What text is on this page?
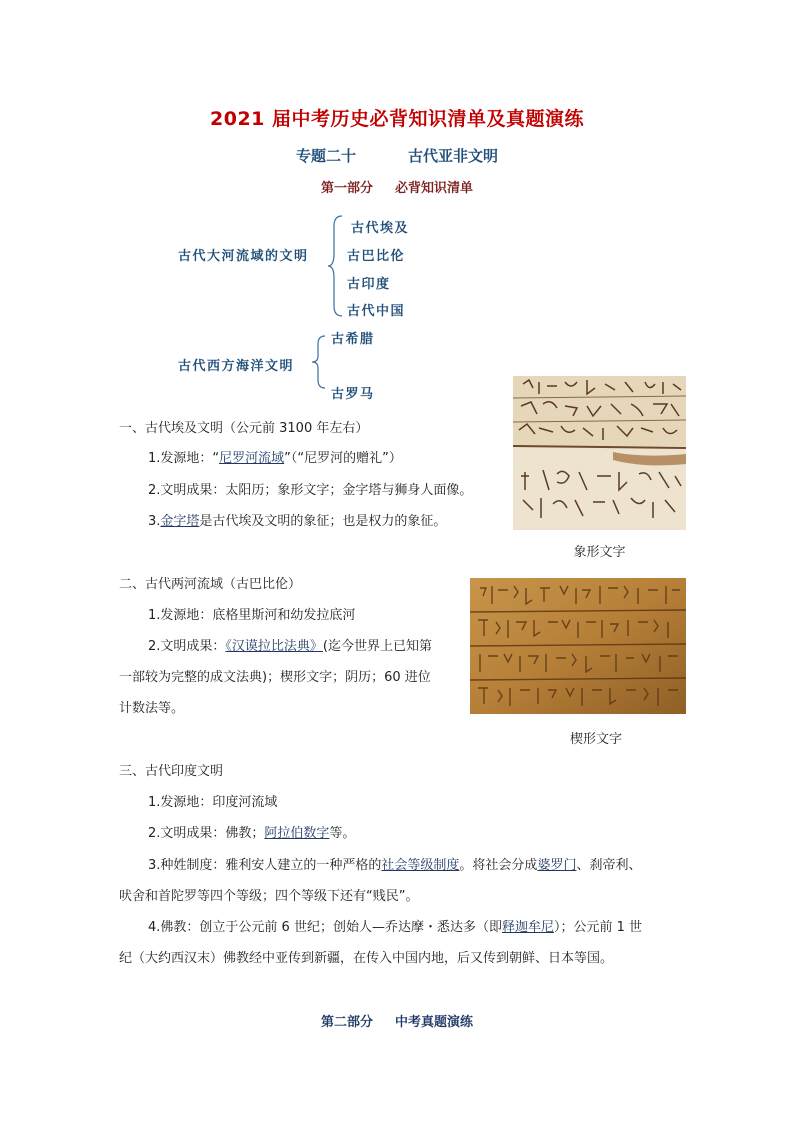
2021 届中考历史必背知识清单及真题演练
专题二十	古代亚非文明
第一部分 必背知识清单
古代大河流域的文明
古代埃及
古巴比伦
古印度
古代中国
古代西方海洋文明
古希腊
古罗马
一、古代埃及文明（公元前 3100 年左右）
1.发源地：“尼罗河流域”（“尼罗河的赠礼”）
2.文明成果：太阳历；象形文字；金字塔与狮身人面像。
3.金字塔是古代埃及文明的象征；也是权力的象征。
象形文字
二、古代两河流域（古巴比伦）
1.发源地：底格里斯河和幼发拉底河
2.文明成果：《汉谟拉比法典》(迄今世界上已知第
一部较为完整的成文法典)；楔形文字；阴历；60 进位
计数法等。
楔形文字
三、古代印度文明
1.发源地：印度河流域
2.文明成果：佛教；阿拉伯数字等。
3.种姓制度：雅利安人建立的一种严格的社会等级制度。将社会分成婆罗门、刹帝利、
吠舍和首陀罗等四个等级；四个等级下还有“贱民”。
4.佛教：创立于公元前 6 世纪；创始人—乔达摩・悉达多（即释迦牟尼）；公元前 1 世
纪（大约西汉末）佛教经中亚传到新疆，在传入中国内地，后又传到朝鲜、日本等国。
第二部分 中考真题演练
